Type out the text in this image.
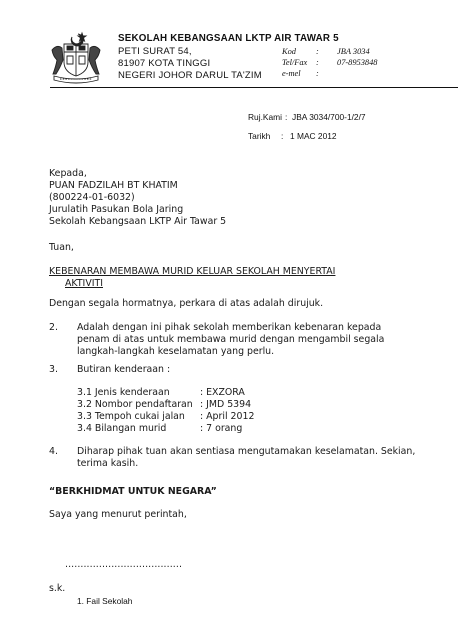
SEKOLAH KEBANGSAAN LKTP AIR TAWAR 5
PETI SURAT 54,
81907 KOTA TINGGI
NEGERI JOHOR DARUL TA'ZIM
Kod : JBA 3034
Tel/Fax : 07-8953848
e-mel :
Ruj.Kami : JBA 3034/700-1/2/7
Tarikh : 1 MAC 2012
Kepada,
PUAN FADZILAH BT KHATIM
(800224-01-6032)
Jurulatih Pasukan Bola Jaring
Sekolah Kebangsaan LKTP Air Tawar 5
Tuan,
KEBENARAN MEMBAWA MURID KELUAR SEKOLAH MENYERTAI
AKTIVITI
Dengan segala hormatnya, perkara di atas adalah dirujuk.
2. Adalah dengan ini pihak sekolah memberikan kebenaran kepada
penam di atas untuk membawa murid dengan mengambil segala
langkah-langkah keselamatan yang perlu.
3. Butiran kenderaan :
3.1 Jenis kenderaan	: EXZORA
3.2 Nombor pendaftaran : JMD 5394
3.3 Tempoh cukai jalan : April 2012
3.4 Bilangan murid	: 7 orang
4. Diharap pihak tuan akan sentiasa mengutamakan keselamatan. Sekian,
terima kasih.
“BERKHIDMAT UNTUK NEGARA”
Saya yang menurut perintah,
......................................
s.k.
1. Fail Sekolah
